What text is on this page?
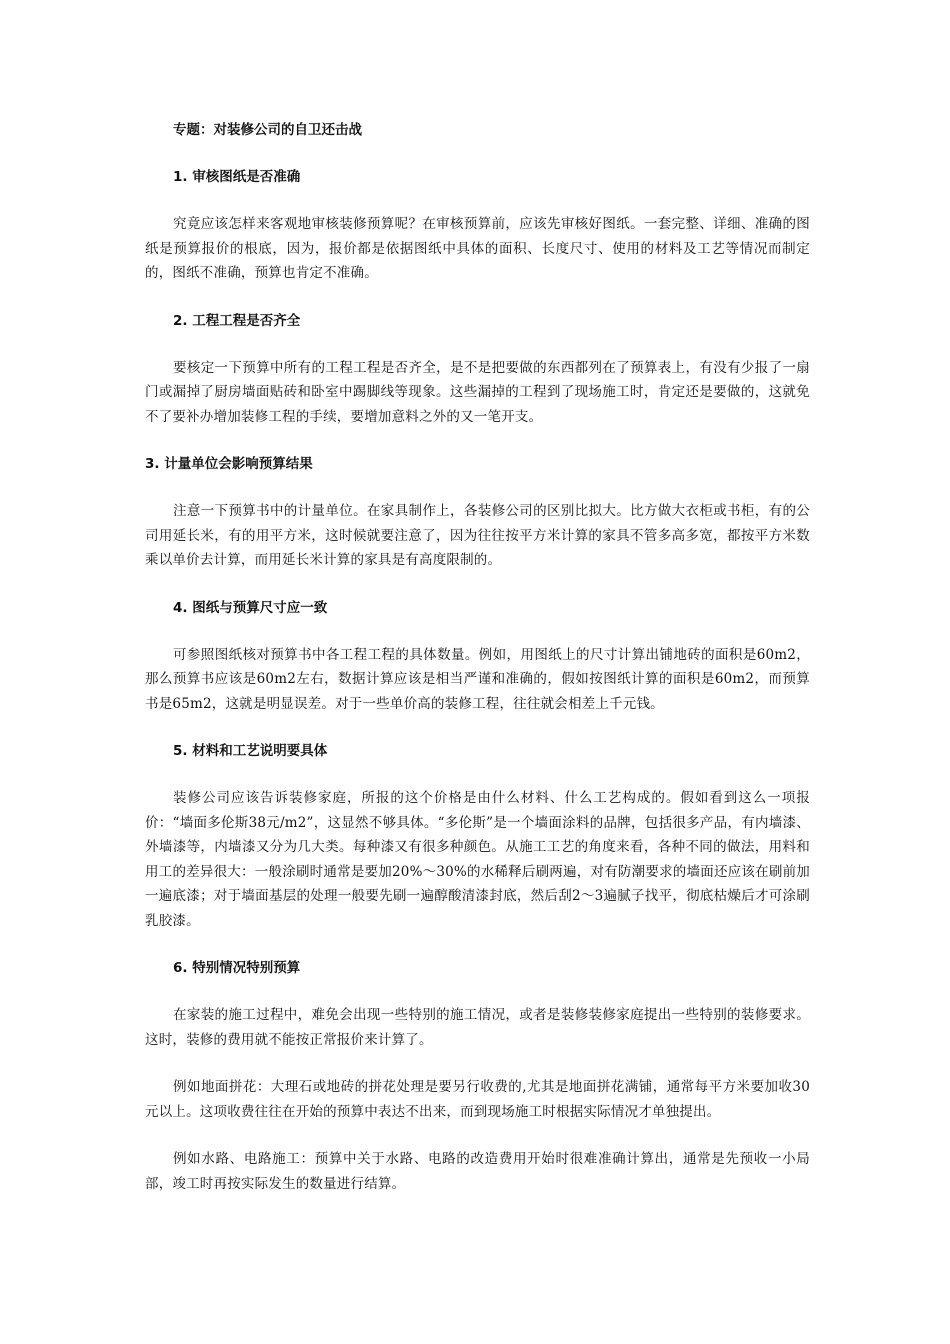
专题：对装修公司的自卫还击战
1. 审核图纸是否准确

究竟应该怎样来客观地审核装修预算呢？在审核预算前，应该先审核好图纸。一套完整、详细、准确的图纸是预算报价的根底，因为，报价都是依据图纸中具体的面积、长度尺寸、使用的材料及工艺等情况而制定的，图纸不准确，预算也肯定不准确。

2. 工程工程是否齐全

要核定一下预算中所有的工程工程是否齐全，是不是把要做的东西都列在了预算表上，有没有少报了一扇门或漏掉了厨房墙面贴砖和卧室中踢脚线等现象。这些漏掉的工程到了现场施工时，肯定还是要做的，这就免不了要补办增加装修工程的手续，要增加意料之外的又一笔开支。

3. 计量单位会影响预算结果

注意一下预算书中的计量单位。在家具制作上，各装修公司的区别比拟大。比方做大衣柜或书柜，有的公司用延长米，有的用平方米，这时候就要注意了，因为往往按平方米计算的家具不管多高多宽，都按平方米数乘以单价去计算，而用延长米计算的家具是有高度限制的。

4. 图纸与预算尺寸应一致

可参照图纸核对预算书中各工程工程的具体数量。例如，用图纸上的尺寸计算出铺地砖的面积是60m2，那么预算书应该是60m2左右，数据计算应该是相当严谨和准确的，假如按图纸计算的面积是60m2，而预算书是65m2，这就是明显误差。对于一些单价高的装修工程，往往就会相差上千元钱。

5. 材料和工艺说明要具体

装修公司应该告诉装修家庭，所报的这个价格是由什么材料、什么工艺构成的。假如看到这么一项报价：“墙面多伦斯38元/m2”，这显然不够具体。“多伦斯”是一个墙面涂料的品牌，包括很多产品，有内墙漆、外墙漆等，内墙漆又分为几大类。每种漆又有很多种颜色。从施工工艺的角度来看，各种不同的做法，用料和用工的差异很大：一般涂刷时通常是要加20%～30%的水稀释后刷两遍，对有防潮要求的墙面还应该在刷前加一遍底漆；对于墙面基层的处理一般要先刷一遍醇酸清漆封底，然后刮2～3遍腻子找平，彻底枯燥后才可涂刷乳胶漆。

6. 特别情况特别预算

在家装的施工过程中，难免会出现一些特别的施工情况，或者是装修装修家庭提出一些特别的装修要求。这时，装修的费用就不能按正常报价来计算了。

例如地面拼花：大理石或地砖的拼花处理是要另行收费的,尤其是地面拼花满铺，通常每平方米要加收30元以上。这项收费往往在开始的预算中表达不出来，而到现场施工时根据实际情况才单独提出。

例如水路、电路施工：预算中关于水路、电路的改造费用开始时很难准确计算出，通常是先预收一小局部，竣工时再按实际发生的数量进行结算。
